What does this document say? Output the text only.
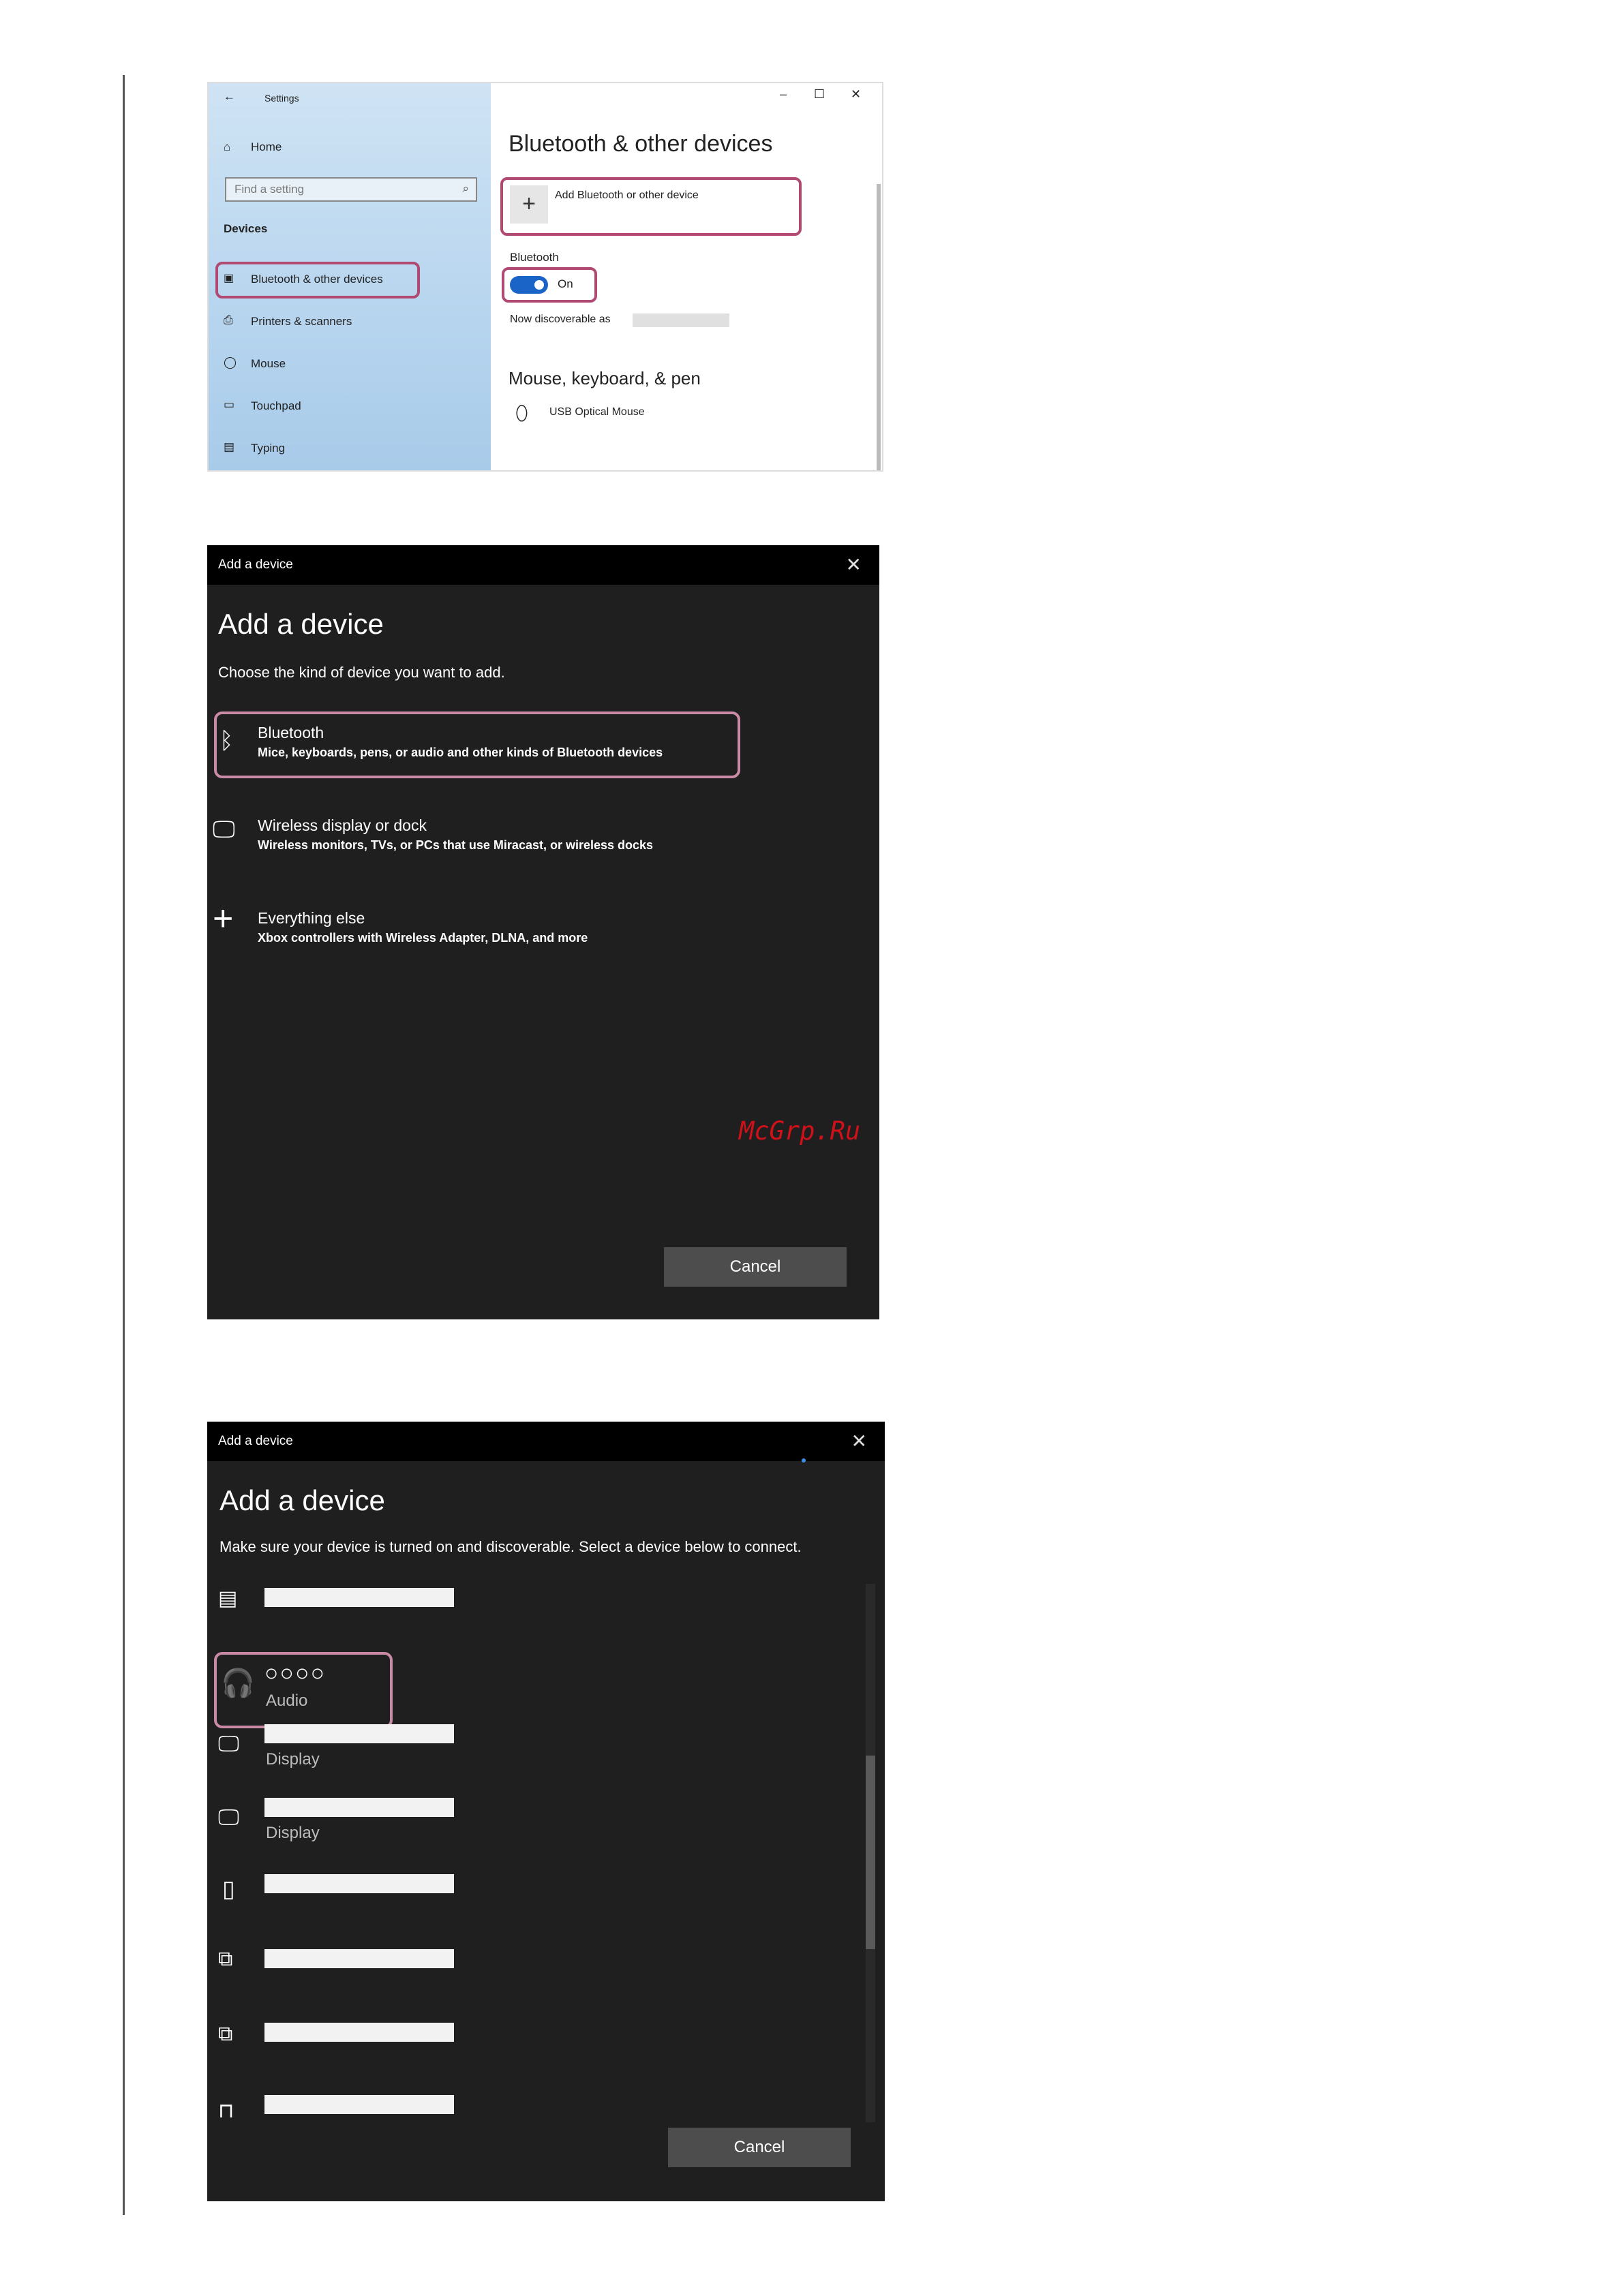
←	Settings
⌂ Home
Find a setting	⌕
Devices
▣ Bluetooth & other devices
⎙ Printers & scanners
◯ Mouse
▭ Touchpad
▤ Typing
– ☐ ✕
Bluetooth & other devices
+	Add Bluetooth or other device
Bluetooth
On
Now discoverable as
Mouse, keyboard, & pen
⬯ USB Optical Mouse
Add a device	✕
Add a device
Choose the kind of device you want to add.
ᛒ Bluetooth
Mice, keyboards, pens, or audio and other kinds of Bluetooth devices
🖵 Wireless display or dock
Wireless monitors, TVs, or PCs that use Miracast, or wireless docks
+ Everything else
Xbox controllers with Wireless Adapter, DLNA, and more
McGrp.Ru
Cancel
Add a device	✕
Add a device
Make sure your device is turned on and discoverable. Select a device below to connect.
▤
🎧 ○○○○
Audio
🖵
Display
🖵
Display
▯
⧉
⧉
⊓
Cancel
